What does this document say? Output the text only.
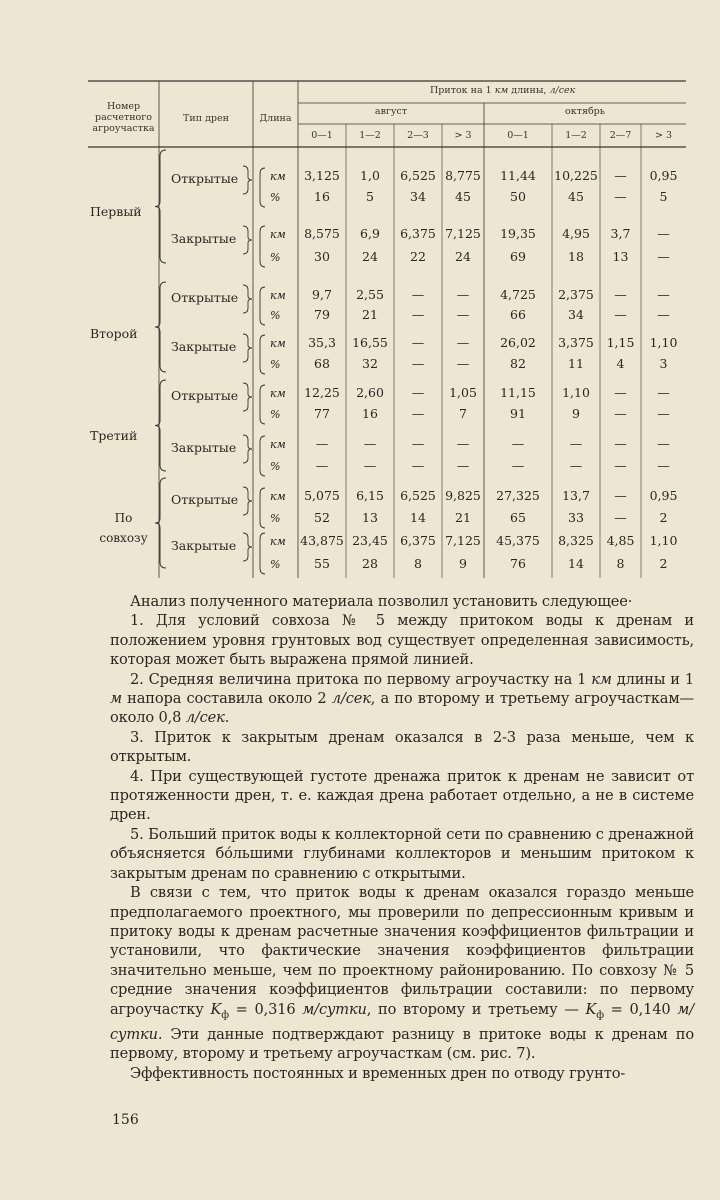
Номер
расчетного
агроучастка
Тип дрен	Длина
Приток на 1 км длины, л/сек
август	октябрь
0—1	1—2	2—3	> 3	0—1	1—2	2—7	> 3
Первый
Открытые	км	3,125	1,0	6,525 8,775	11,44	10,225	—	0,95
%	16	5	34	45	50	45	—	5
Закрытые	км	8,575	6,9	6,375 7,125	19,35	4,95	3,7	—
%	30	24	22	24	69	18	13	—
Второй
Открытые	км	9,7	2,55	—	—	4,725	2,375	—	—
%	79	21	—	—	66	34	—	—
Закрытые	км	35,3	16,55	—	—	26,02	3,375	1,15	1,10
%	68	32	—	—	82	11	4	3
Третий
Открытые	км	12,25	2,60	—	1,05	11,15	1,10	—	—
%	77	16	—	7	91	9	—	—
Закрытые	км	—	—	—	—	—	—	—	—
%	—	—	—	—	—	—	—	—
По
совхозу
Открытые	км	5,075	6,15	6,525 9,825	27,325	13,7	—	0,95
%	52	13	14	21	65	33	—	2
Закрытые	км 43,875 23,45 6,375 7,125	45,375	8,325	4,85	1,10
%	55	28	8	9	76	14	8	2

Анализ полученного материала позволил установить следующее·

1. Для условий совхоза № 5 между притоком воды к дренам и положением уровня грунтовых вод существует определенная зависимость, которая может быть выражена прямой линией.

2. Средняя величина притока по первому агроучастку на 1 км длины и 1 м напора составила около 2 л/сек, а по второму и третьему агроучасткам—около 0,8 л/сек.

3. Приток к закрытым дренам оказался в 2-3 раза меньше, чем к открытым.

4. При существующей густоте дренажа приток к дренам не зависит от протяженности дрен, т. е. каждая дрена работает отдельно, а не в системе дрен.

5. Больший приток воды к коллекторной сети по сравнению с дренажной объясняется бо́льшими глубинами коллекторов и меньшим притоком к закрытым дренам по сравнению с открытыми.

В связи с тем, что приток воды к дренам оказался гораздо меньше предполагаемого проектного, мы проверили по депрессионным кривым и притоку воды к дренам расчетные значения коэффициентов фильтрации и установили, что фактические значения коэффициентов фильтрации значительно меньше, чем по проектному районированию. По совхозу № 5 средние значения коэффициентов фильтрации составили: по первому агроучастку $K_ф = 0,316$ м/сутки, по второму и третьему — $K_ф = 0,140$ м/сутки. Эти данные подтверждают разницу в притоке воды к дренам по первому, второму и третьему агроучасткам (см. рис. 7).

Эффективность постоянных и временных дрен по отводу грунто-

156
